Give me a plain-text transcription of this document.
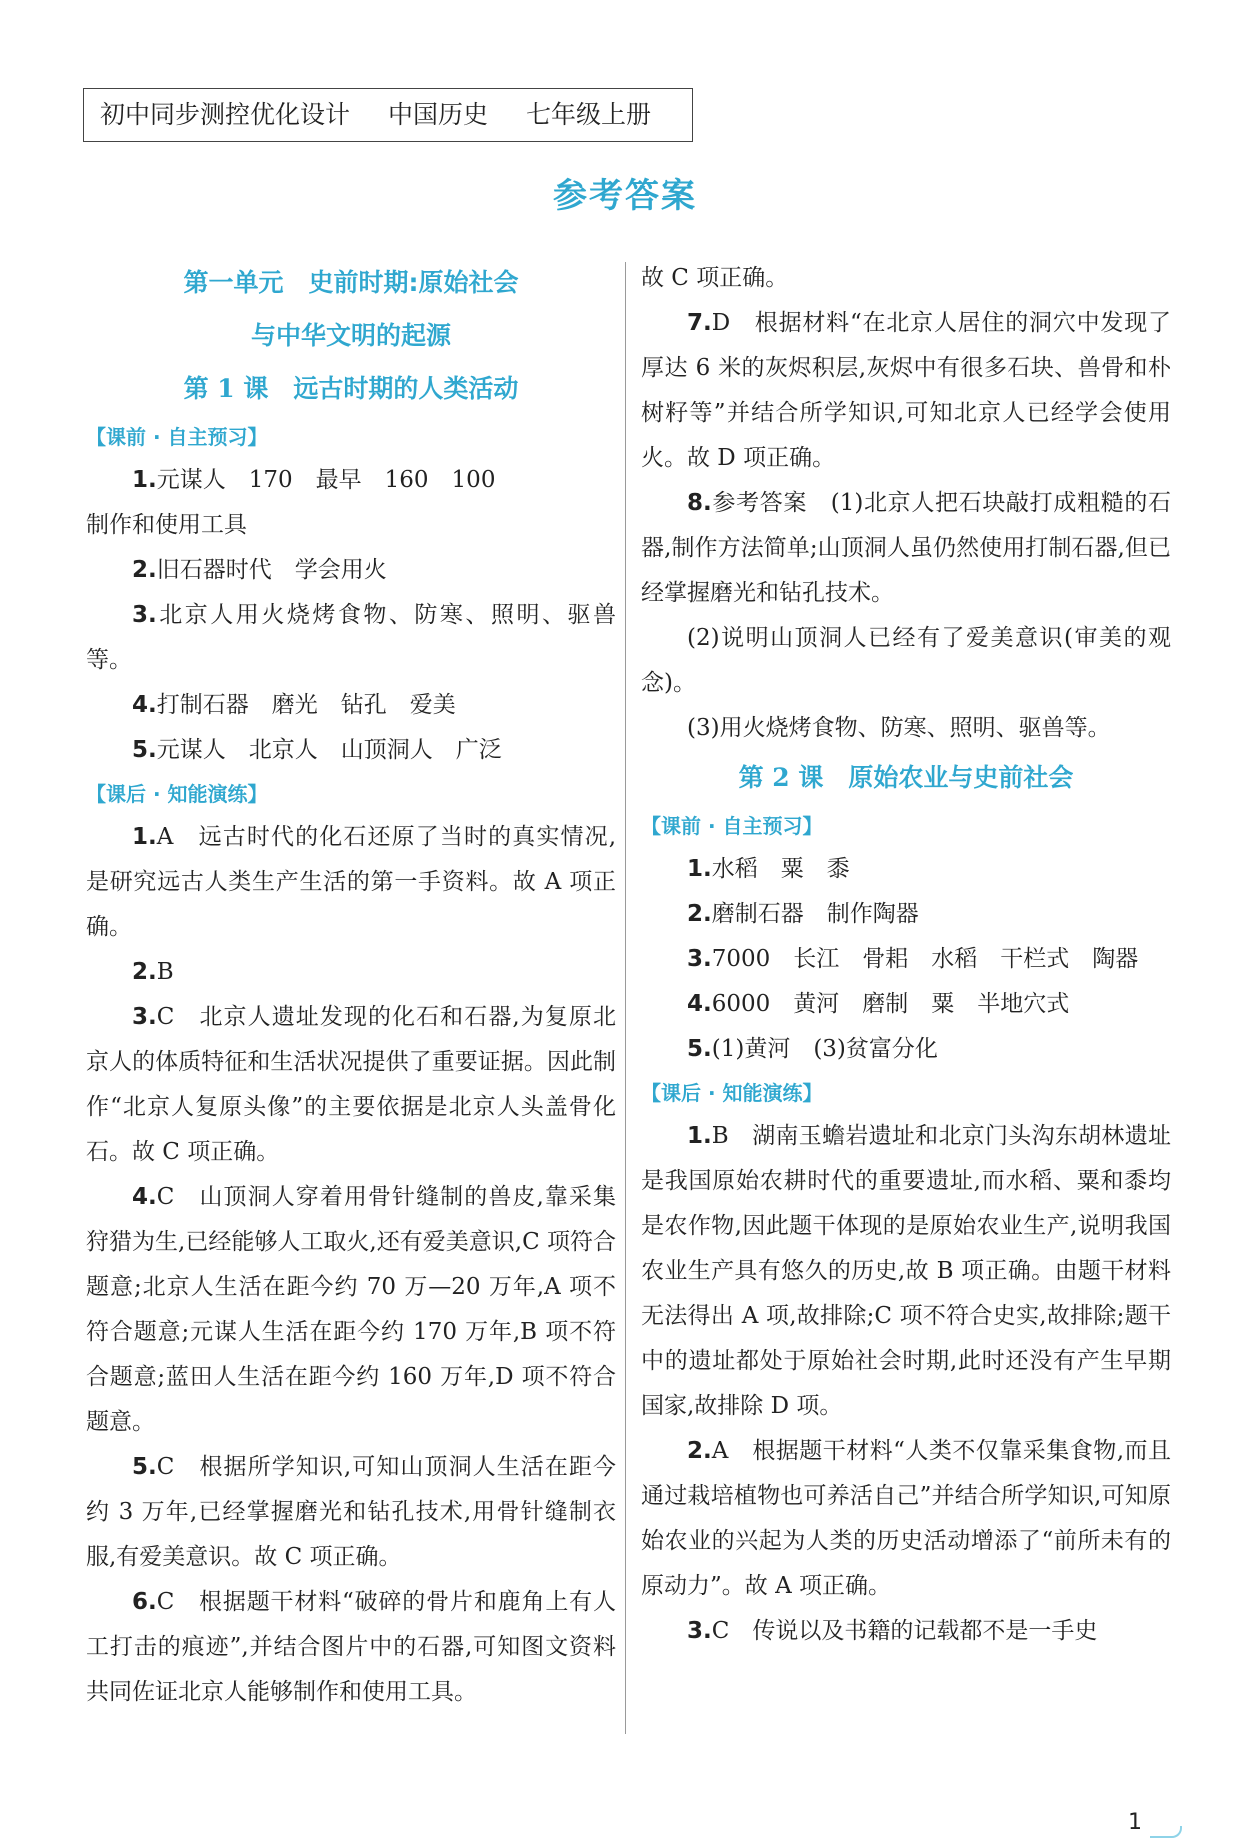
初中同步测控优化设计 中国历史 七年级上册
参考答案
第一单元　史前时期:原始社会
与中华文明的起源
第 1 课　远古时期的人类活动
【课前 · 自主预习】

1.元谋人　170　最早　160　100

制作和使用工具

2.旧石器时代　学会用火

3.北京人用火烧烤食物、防寒、照明、驱兽等。

4.打制石器　磨光　钻孔　爱美

5.元谋人　北京人　山顶洞人　广泛

【课后 · 知能演练】

1.A　远古时代的化石还原了当时的真实情况,是研究远古人类生产生活的第一手资料。故 A 项正确。

2.B

3.C　北京人遗址发现的化石和石器,为复原北京人的体质特征和生活状况提供了重要证据。因此制作“北京人复原头像”的主要依据是北京人头盖骨化石。故 C 项正确。

4.C　山顶洞人穿着用骨针缝制的兽皮,靠采集狩猎为生,已经能够人工取火,还有爱美意识,C 项符合题意;北京人生活在距今约 70 万—20 万年,A 项不符合题意;元谋人生活在距今约 170 万年,B 项不符合题意;蓝田人生活在距今约 160 万年,D 项不符合题意。

5.C　根据所学知识,可知山顶洞人生活在距今约 3 万年,已经掌握磨光和钻孔技术,用骨针缝制衣服,有爱美意识。故 C 项正确。

6.C　根据题干材料“破碎的骨片和鹿角上有人工打击的痕迹”,并结合图片中的石器,可知图文资料共同佐证北京人能够制作和使用工具。

故 C 项正确。

7.D　根据材料“在北京人居住的洞穴中发现了厚达 6 米的灰烬积层,灰烬中有很多石块、兽骨和朴树籽等”并结合所学知识,可知北京人已经学会使用火。故 D 项正确。

8.参考答案　(1)北京人把石块敲打成粗糙的石器,制作方法简单;山顶洞人虽仍然使用打制石器,但已经掌握磨光和钻孔技术。

(2)说明山顶洞人已经有了爱美意识(审美的观念)。

(3)用火烧烤食物、防寒、照明、驱兽等。

第 2 课　原始农业与史前社会
【课前 · 自主预习】

1.水稻　粟　黍

2.磨制石器　制作陶器

3.7000　长江　骨耜　水稻　干栏式　陶器

4.6000　黄河　磨制　粟　半地穴式

5.(1)黄河　(3)贫富分化

【课后 · 知能演练】

1.B　湖南玉蟾岩遗址和北京门头沟东胡林遗址是我国原始农耕时代的重要遗址,而水稻、粟和黍均是农作物,因此题干体现的是原始农业生产,说明我国农业生产具有悠久的历史,故 B 项正确。由题干材料无法得出 A 项,故排除;C 项不符合史实,故排除;题干中的遗址都处于原始社会时期,此时还没有产生早期国家,故排除 D 项。

2.A　根据题干材料“人类不仅靠采集食物,而且通过栽培植物也可养活自己”并结合所学知识,可知原始农业的兴起为人类的历史活动增添了“前所未有的原动力”。故 A 项正确。

3.C　传说以及书籍的记载都不是一手史

1
